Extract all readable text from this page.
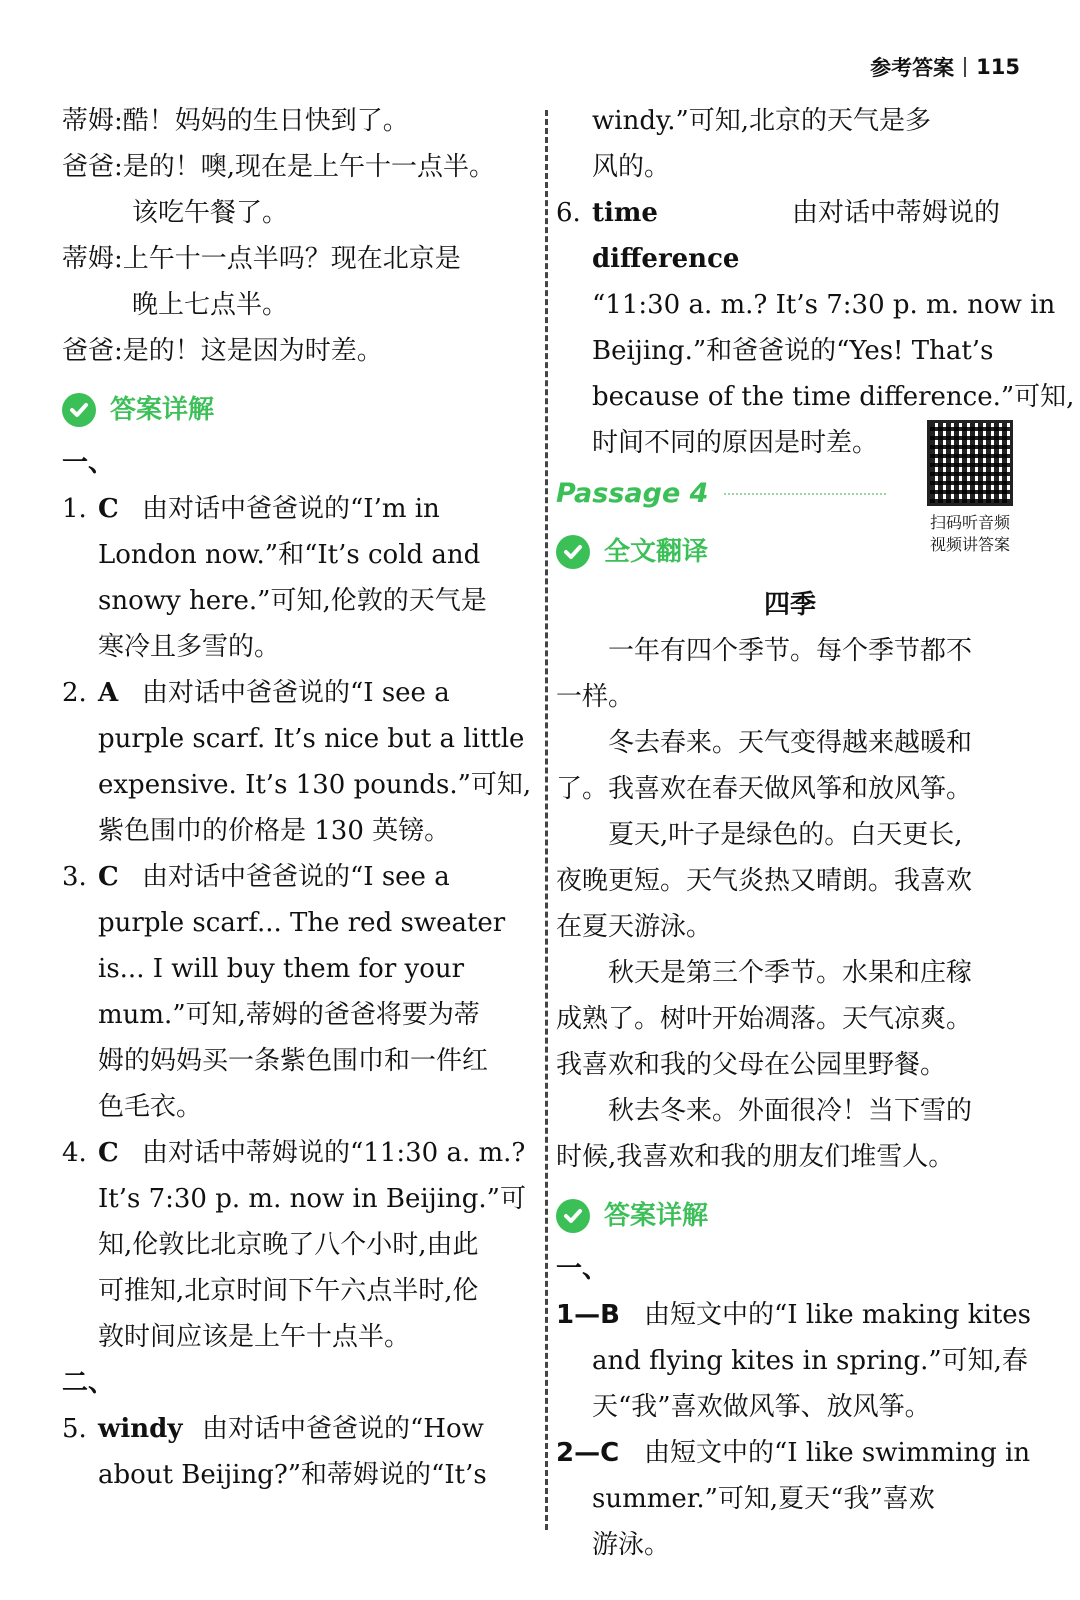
参考答案 115
蒂姆:酷！妈妈的生日快到了。
爸爸:是的！噢,现在是上午十一点半。
该吃午餐了。
蒂姆:上午十一点半吗？现在北京是
晚上七点半。
爸爸:是的！这是因为时差。
答案详解
一、
1. C 由对话中爸爸说的“I’m in
London now.”和“It’s cold and
snowy here.”可知,伦敦的天气是
寒冷且多雪的。
2. A 由对话中爸爸说的“I see a
purple scarf. It’s nice but a little
expensive. It’s 130 pounds.”可知,
紫色围巾的价格是 130 英镑。
3. C 由对话中爸爸说的“I see a
purple scarf... The red sweater
is... I will buy them for your
mum.”可知,蒂姆的爸爸将要为蒂
姆的妈妈买一条紫色围巾和一件红
色毛衣。
4. C 由对话中蒂姆说的“11:30 a. m.?
It’s 7:30 p. m. now in Beijing.”可
知,伦敦比北京晚了八个小时,由此
可推知,北京时间下午六点半时,伦
敦时间应该是上午十点半。
二、
5. windy 由对话中爸爸说的“How
about Beijing?”和蒂姆说的“It’s
windy.”可知,北京的天气是多
风的。
6. time difference
由对话中蒂姆说的
“11:30 a. m.? It’s 7:30 p. m. now in
Beijing.”和爸爸说的“Yes! That’s
because of the time difference.”可知,
时间不同的原因是时差。
Passage 4
全文翻译
四季
一年有四个季节。每个季节都不
一样。
冬去春来。天气变得越来越暖和
了。我喜欢在春天做风筝和放风筝。
夏天,叶子是绿色的。白天更长,
夜晚更短。天气炎热又晴朗。我喜欢
在夏天游泳。
秋天是第三个季节。水果和庄稼
成熟了。树叶开始凋落。天气凉爽。
我喜欢和我的父母在公园里野餐。
秋去冬来。外面很冷！当下雪的
时候,我喜欢和我的朋友们堆雪人。
答案详解
一、
1—B 由短文中的“I like making kites
and flying kites in spring.”可知,春
天“我”喜欢做风筝、放风筝。
2—C 由短文中的“I like swimming in
summer.”可知,夏天“我”喜欢
游泳。
扫码听音频
视频讲答案
